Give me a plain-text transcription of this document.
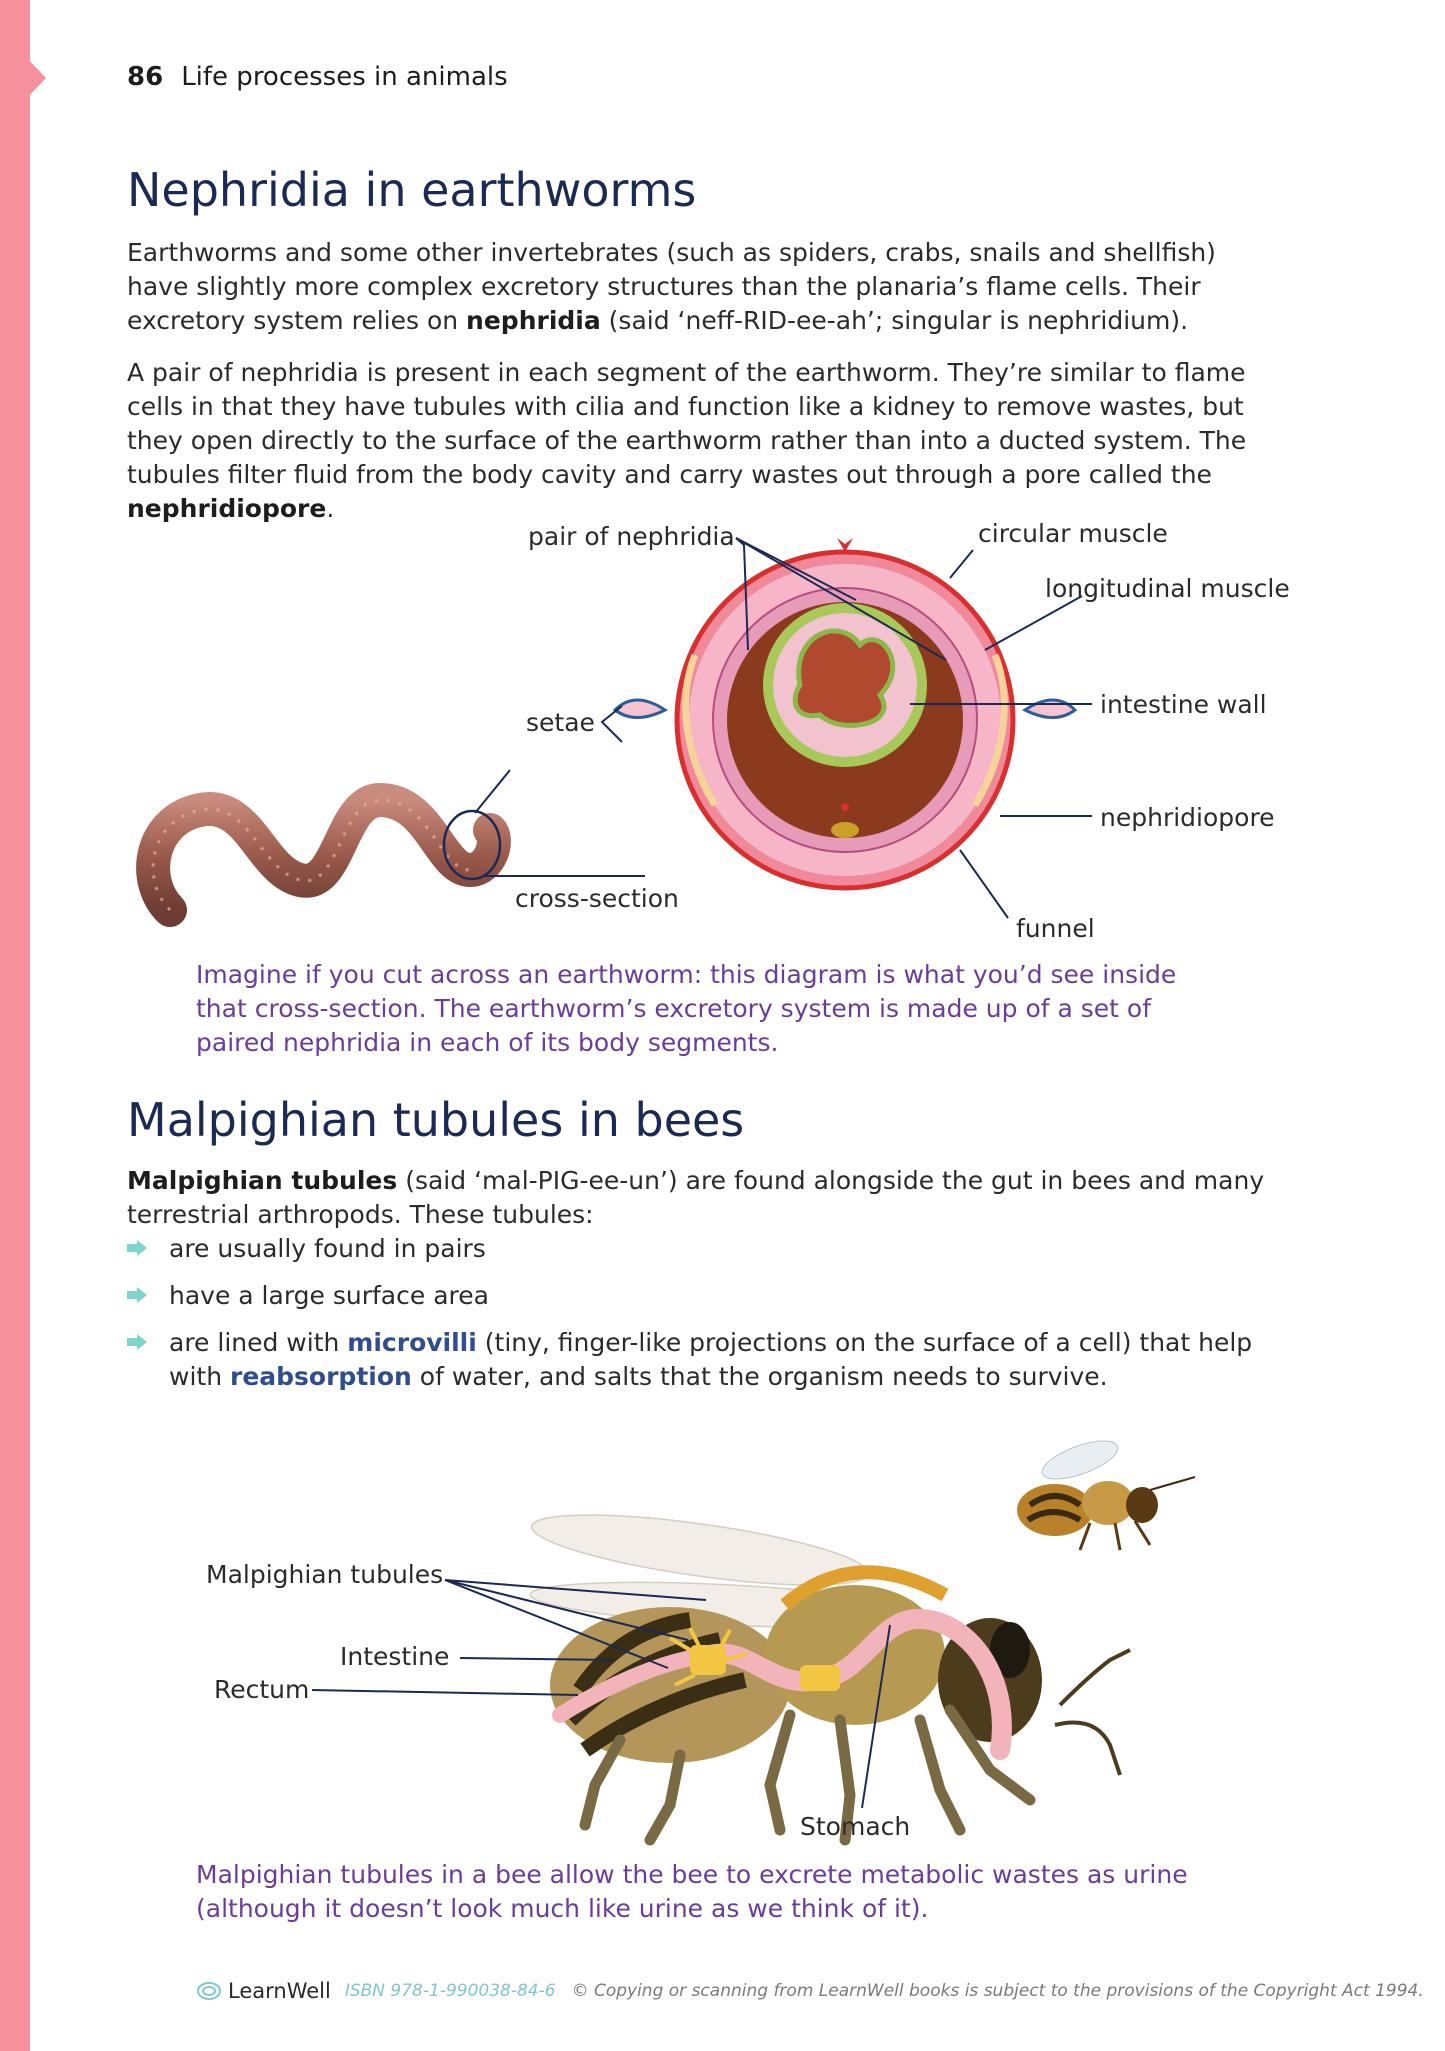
86 Life processes in animals
Nephridia in earthworms

Earthworms and some other invertebrates (such as spiders, crabs, snails and shellfish) have slightly more complex excretory structures than the planaria’s flame cells. Their excretory system relies on nephridia (said ‘neff-RID-ee-ah’; singular is nephridium).

A pair of nephridia is present in each segment of the earthworm. They’re similar to flame cells in that they have tubules with cilia and function like a kidney to remove wastes, but they open directly to the surface of the earthworm rather than into a ducted system. The tubules filter fluid from the body cavity and carry wastes out through a pore called the nephridiopore.

pair of nephridia	circular muscle
longitudinal muscle
intestine wall
setae
nephridiopore
cross-section
funnel

Imagine if you cut across an earthworm: this diagram is what you’d see inside that cross-section. The earthworm’s excretory system is made up of a set of paired nephridia in each of its body segments.

Malpighian tubules in bees

Malpighian tubules (said ‘mal-PIG-ee-un’) are found alongside the gut in bees and many terrestrial arthropods. These tubules:

are usually found in pairs
have a large surface area
are lined with microvilli (tiny, finger-like projections on the surface of a cell) that help with reabsorption of water, and salts that the organism needs to survive.
Malpighian tubules
Intestine
Rectum
Stomach

Malpighian tubules in a bee allow the bee to excrete metabolic wastes as urine (although it doesn’t look much like urine as we think of it).

LearnWell ISBN 978-1-990038-84-6 © Copying or scanning from LearnWell books is subject to the provisions of the Copyright Act 1994.
